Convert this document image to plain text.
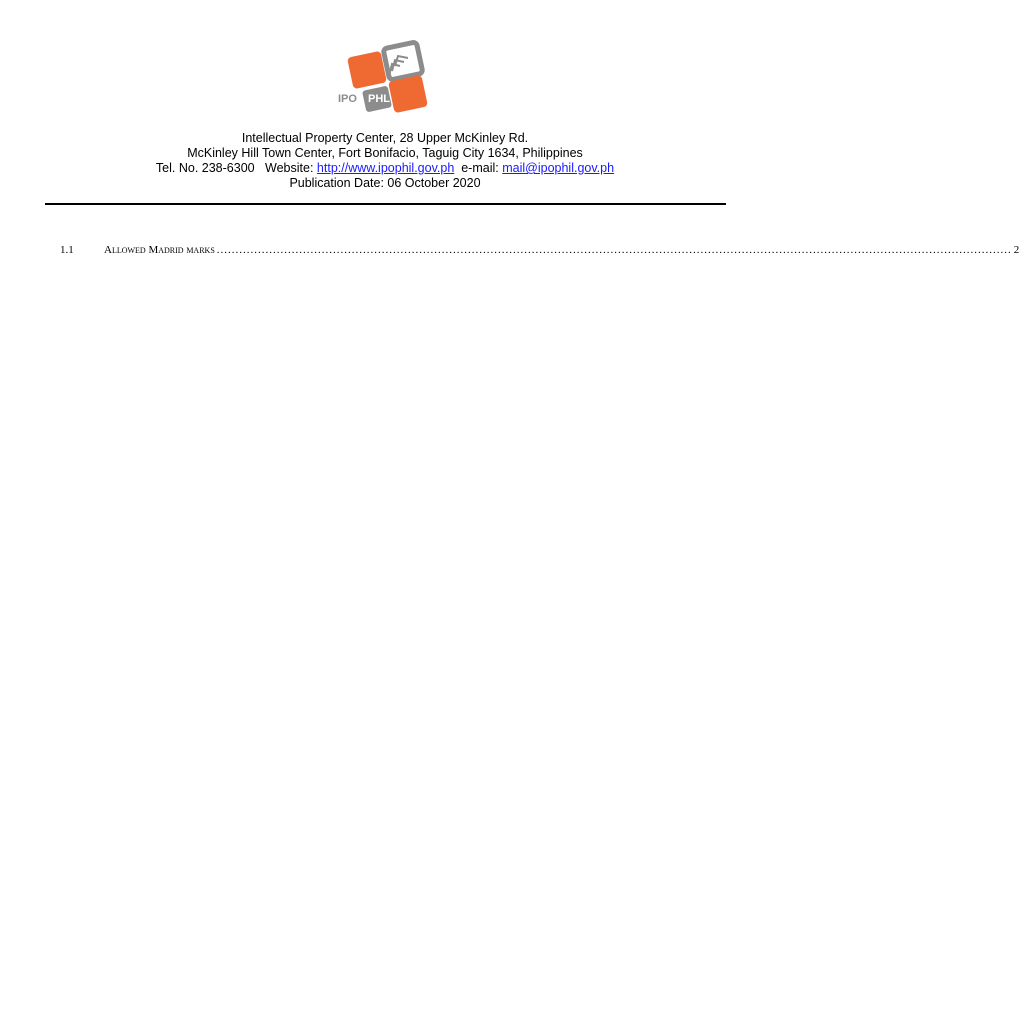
IPO PHL
Intellectual Property Center, 28 Upper McKinley Rd.
McKinley Hill Town Center, Fort Bonifacio, Taguig City 1634, Philippines
Tel. No. 238-6300 Website: http://www.ipophil.gov.ph e-mail: mail@ipophil.gov.ph
Publication Date: 06 October 2020
1.1	Allowed Madrid marks .................................................................................................................................................................................................................... 2
